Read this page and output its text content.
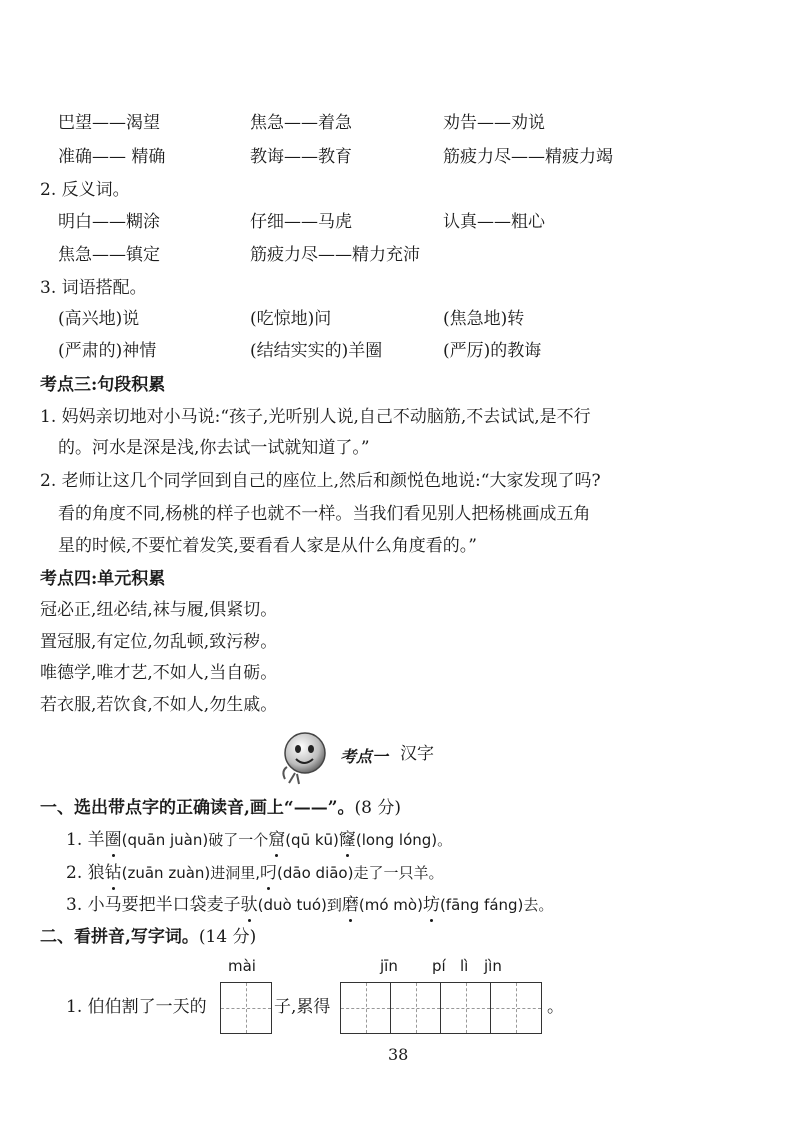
巴望——渴望	焦急——着急	劝告——劝说
准确—— 精确	教诲——教育	筋疲力尽——精疲力竭
2. 反义词。
明白——糊涂	仔细——马虎	认真——粗心
焦急——镇定	筋疲力尽——精力充沛
3. 词语搭配。
(高兴地)说	(吃惊地)问	(焦急地)转
(严肃的)神情	(结结实实的)羊圈	(严厉)的教诲
考点三:句段积累
1. 妈妈亲切地对小马说:“孩子,光听别人说,自己不动脑筋,不去试试,是不行
的。河水是深是浅,你去试一试就知道了。”
2. 老师让这几个同学回到自己的座位上,然后和颜悦色地说:“大家发现了吗?
看的角度不同,杨桃的样子也就不一样。当我们看见别人把杨桃画成五角
星的时候,不要忙着发笑,要看看人家是从什么角度看的。”
考点四:单元积累
冠必正,纽必结,袜与履,俱紧切。
置冠服,有定位,勿乱顿,致污秽。
唯德学,唯才艺,不如人,当自砺。
若衣服,若饮食,不如人,勿生戚。
考点一 汉字
一、选出带点字的正确读音,画上“——”。(8 分)
1. 羊圈(quān juàn)破了一个窟(qū kū)窿(long lóng)。
2. 狼钻(zuān zuàn)进洞里,叼(dāo diāo)走了一只羊。
3. 小马要把半口袋麦子驮(duò tuó)到磨(mó mò)坊(fāng fáng)去。
二、看拼音,写字词。(14 分)
mài	jīn pí lì jìn
1. 伯伯割了一天的	子,累得	。
38
